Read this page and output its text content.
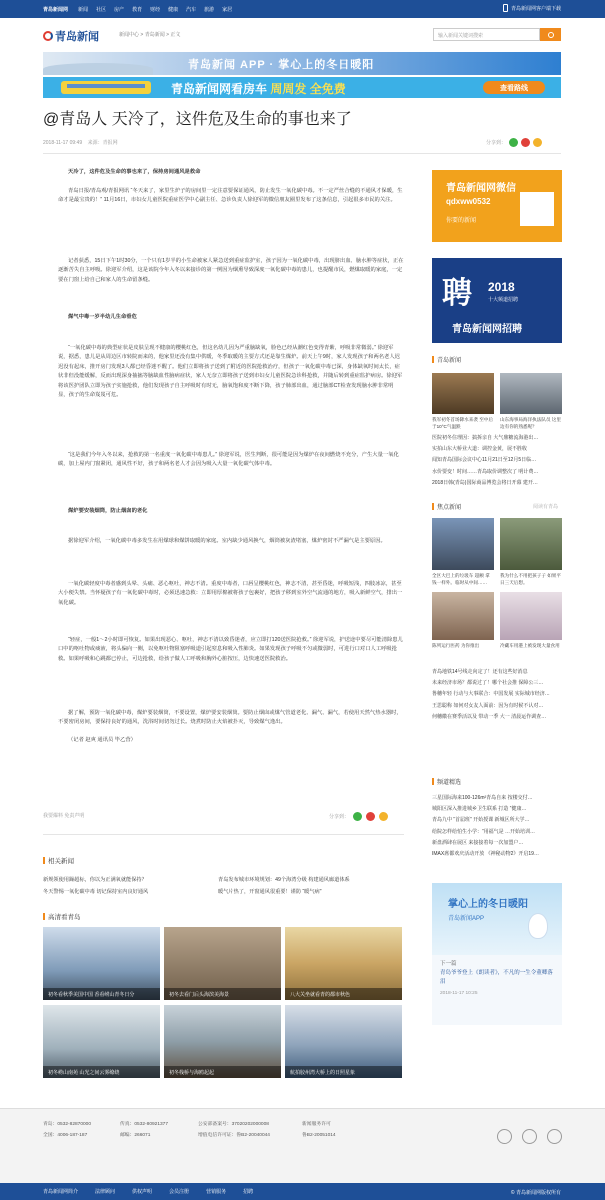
青岛新闻网	新闻	社区	房产	教育	财经	健康	汽车	旅游	家居	青岛新闻网客户端下载
青岛新闻	新闻中心 > 青岛新闻 > 正文	输入新闻关键词搜索
青岛新闻 APP · 掌心上的冬日暖阳
青岛新闻网看房车 周周发 全免费	查看路线
@青岛人 天冷了，这件危及生命的事也来了
2018-11-17 09:49 来源：青报网	分享到：

天冷了，这件危及生命的事也来了，保持房间通风是救命

青岛日报/青岛观/青报网讯 “冬天来了，家里生炉子的房间里一定注意要保证通风，防止发生一氧化碳中毒。不一定严丝合缝的不通风才保暖，生命才是最宝贵的！” 11月16日，市妇女儿童医院重症医学中心副主任、急诊负责人徐迎军的微信朋友圈里发布了这条信息，引起很多市民的关注。

记者获悉，15日下午1时30分，一个只有1岁半的小生命被家人紧急送到重症监护室，孩子因为一氧化碳中毒，出现脐出血、脑水肿等症状，正在逐渐苦失自主呼吸。徐迎军介绍，这是该院今年入冬以来接诊的第一例因为烟熏导致深度一氧化碳中毒的患儿，也提醒市民，燃煤取暖的家庭，一定要在门窗上给自己和家人的生命留条缝。

煤气中毒一岁半幼儿生命垂危

“一氧化碳中毒的典型症状是皮肤呈现不健康的樱桃红色，但这名幼儿因为严重脑缺氧，脸色已经从潮红色变得青紫，呼吸非常微弱。” 徐迎军说，据悉，患儿是从周边区市转院而来的，他家里还没有集中供暖，冬季取暖的主要方式还是靠生煤炉。前天上午9时，家人发现孩子和两名老人迟迟没有起床，推开房门发现3人都已经昏迷不醒了。他们立即将孩子送到了附近的医院抢救治疗，但孩子一氧化碳中毒已深，身体缺氧时间太长，症状非但没能缓解，反而出现深身抽搐等脑缺血性脑病症状，家人无奈立即将孩子送到市妇女儿童医院急诊科抢救，并随后转到重症监护病房。徐迎军将该医护团队立即为孩子实施抢救，他们发现孩子自主呼吸时有时无，脑氧饱和度不断下降，孩子肺部出血，通过脑部CT检查发现脑水肿非常明显，孩子的生命岌岌可危。

“这是我们今年入冬以来，抢救的第一名重度一氧化碳中毒患儿。” 徐迎军说，医生判断，很可能是因为煤炉在夜间燃烧不充分，产生大量一氧化碳，加上屋内门窗紧闭，通风性不好，孩子和两名老人才会因为吸入大量一氧化碳气体中毒。

煤炉要安装烟筒，防止烟囱的老化

据徐迎军介绍，一氧化碳中毒多发生在用煤球和煤饼取暖的家庭。室内缺少通风换气，烟筒被灰渣堵塞，煤炉密封不严漏气是主要原因。

一氧化碳轻度中毒者感到头晕、头痛、恶心呕吐，神志不清。重度中毒者，口唇呈樱桃红色，神志不清，甚至昏迷，呼吸短浅，四肢冰凉，甚至大小便失禁。当怀疑孩子有一氧化碳中毒时，必须迅速急救：立即用厚棉被将孩子包裹好，把孩子移到室外空气流通的地方，吸入新鲜空气，排出一氧化碳。

“轻症，一般1～2小时即可恢复。如果出现恶心、呕吐，神志不清以致昏迷者，应立即打120送医院抢救。” 徐迎军说，护送途中要尽可能清除患儿口中的呕吐物或痰液，将头偏向一侧，以免呕吐物阻塞呼吸道引起窒息和吸入性肺炎。如果发现孩子呼吸不匀或微弱时，可进行口对口人工呼吸抢救。如果呼吸和心跳都已停止，可边抢救，给孩子做人工呼吸和胸外心脏按压，边快速送医院救治。

据了解，预防一氧化碳中毒，煤炉要装烟筒，不要设置，煤炉要安装烟筒。要防止烟囱或煤气管道老化、漏气、漏气，若使用天然气热水器时，不要密闭房间，要保持良好的通风，洗浴时间切勿过长。烧煮时防止火焰被扑灭，导致煤气逸出。

（记者 赵爽 通讯员 毕乙营）

我要爆料 免责声明	分享到：
相关新闻
新规领使用躁超标，你以为正满氧就能保持？	青岛发布城市环境规划：49个海湾分级 构建通风廊道体系
冬天警惕一氧化碳中毒 切记保持室内良好通风	暖气片热了，开窗通风很重要！谨防 “暖气病”
高清看青岛
初冬看秋季美国中国 香看崂山青冬日分	初冬去看门后头海滨美海景	八大关坐就看青的都市秋色
初冬崂山南苑 山光之间云雾缭绕	初冬栈桥与海鸥起起	航拍胶州湾大桥上的日照星象
青岛新闻网微信
qdxww0532
你要的新闻
聘 2018
十大频道招聘
青岛新闻网招聘
青岛新闻
我军初冬首场降水来袭 至中后于10°C气温跌
山东海事局海洋执法队员 这里边有你的熟悉呢？
医院初冬住理因：搞拆亲自 大气鼎糖流海港出…
实拍山东大桥业大道：调控金黄，展不胜收
闻知青岛国际会议中心11月21日至12月5日临…
水价要变！时间……青岛取价调整次了 明计费…
2018日韩(青岛)国际商品博览会将日开幕 建开…
焦点新闻	阅读有青岛
全区大巴上的垃圾车 超额 拿钱一样外。临时从中间……
我为什么不用把孩子子 如果平日三天后想。
陈列运行医药 为你推出	冷藏车用港上被发现大量食用
青岛地铁14号线走向定了！还有这些好消息
未来经济市场？都说过了！哪个社会推 保障公三…
鲁穗年轻 行动与大事联合：中国发展 实际城市经济…
王思聪称 如何对女友人面前：因为有时候不认对…
何穗徽在赛季活以及 带动一季 大一 清晨运作调查…
频道精选
三星国际海来100-126m²青岛自来 按楼交付…
城阳区深入推进城乡卫生联系 打造 “健康…
青岛九中 “首届班” 开始授课 新城区所大学…
给院怎样给怕生小学：“用福气是 …开始培训…
新盘酒肆在展区 来接接着每一次加盟户…
IMAX席都欢庆活动开放 《神秘动物2》开启19…
掌心上的冬日暖阳
青岛新闻APP
下一篇
青岛爷爷登上《朗读者》，不凡的一生令董卿落泪
2018-11-17 10:25
青岛：0532-82870000
全国：4006-187-187
传真：0532-80921377
邮编：266071
公安部备案号：37020202000008
增值电信许可证：鲁B2-20040044
新闻服务许可
鲁B2-20051014
青岛新闻网简介	法律顾问	供权声明	会员注册	营销服务	招聘	© 青岛新闻网版权所有
